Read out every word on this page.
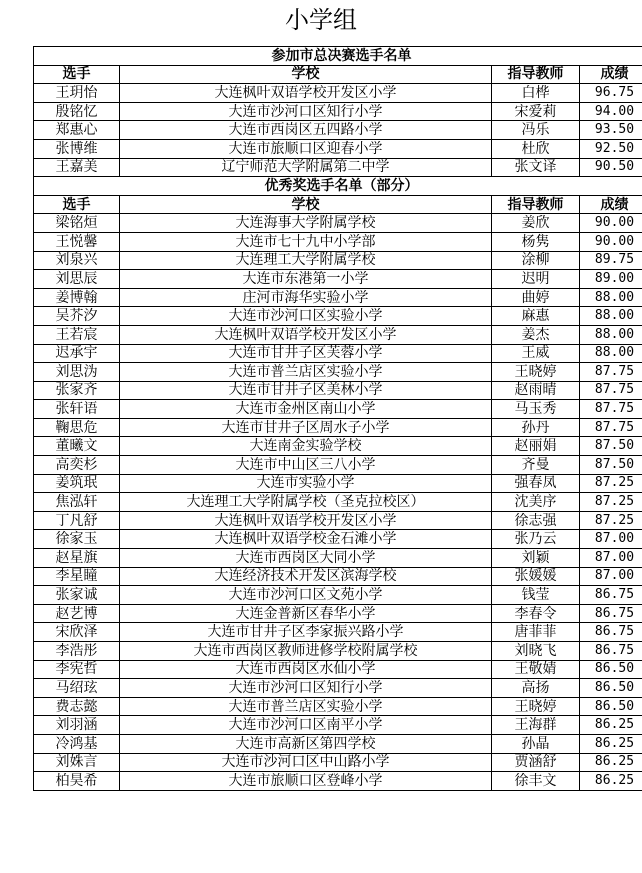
小学组
参加市总决赛选手名单			
选手	学校	指导教师	成绩
王玥怡	大连枫叶双语学校开发区小学	白桦	96.75
殷铭忆	大连市沙河口区知行小学	宋爱莉	94.00
郑惠心	大连市西岗区五四路小学	冯乐	93.50
张博维	大连市旅顺口区迎春小学	杜欣	92.50
王嘉美	辽宁师范大学附属第二中学	张文译	90.50
优秀奖选手名单（部分）			
选手	学校	指导教师	成绩
梁铭烜	大连海事大学附属学校	姜欣	90.00
王悦馨	大连市七十九中小学部	杨隽	90.00
刘泉兴	大连理工大学附属学校	涂柳	89.75
刘思辰	大连市东港第一小学	迟明	89.00
姜博翰	庄河市海华实验小学	曲婷	88.00
吴芥汐	大连市沙河口区实验小学	麻惠	88.00
王若宸	大连枫叶双语学校开发区小学	姜杰	88.00
迟承宇	大连市甘井子区芙蓉小学	王威	88.00
刘思沩	大连市普兰店区实验小学	王晓婷	87.75
张家齐	大连市甘井子区美林小学	赵雨晴	87.75
张轩语	大连市金州区南山小学	马玉秀	87.75
鞠思危	大连市甘井子区周水子小学	孙丹	87.75
董曦文	大连南金实验学校	赵丽娟	87.50
高奕杉	大连市中山区三八小学	齐曼	87.50
姜筑珉	大连市实验小学	强春凤	87.25
焦泓轩	大连理工大学附属学校（圣克拉校区）	沈美序	87.25
丁凡舒	大连枫叶双语学校开发区小学	徐志强	87.25
徐家玉	大连枫叶双语学校金石滩小学	张乃云	87.00
赵星旗	大连市西岗区大同小学	刘颖	87.00
李星瞳	大连经济技术开发区滨海学校	张媛媛	87.00
张家诚	大连市沙河口区文苑小学	钱莹	86.75
赵艺博	大连金普新区春华小学	李春令	86.75
宋欣泽	大连市甘井子区李家振兴路小学	唐菲菲	86.75
李浩彤	大连市西岗区教师进修学校附属学校	刘晓飞	86.75
李宪哲	大连市西岗区水仙小学	王敬婧	86.50
马绍玹	大连市沙河口区知行小学	高扬	86.50
费志懿	大连市普兰店区实验小学	王晓婷	86.50
刘羽涵	大连市沙河口区南平小学	王海群	86.25
冷鸿基	大连市高新区第四学校	孙晶	86.25
刘姝言	大连市沙河口区中山路小学	贾涵舒	86.25
柏昊希	大连市旅顺口区登峰小学	徐丰文	86.25
